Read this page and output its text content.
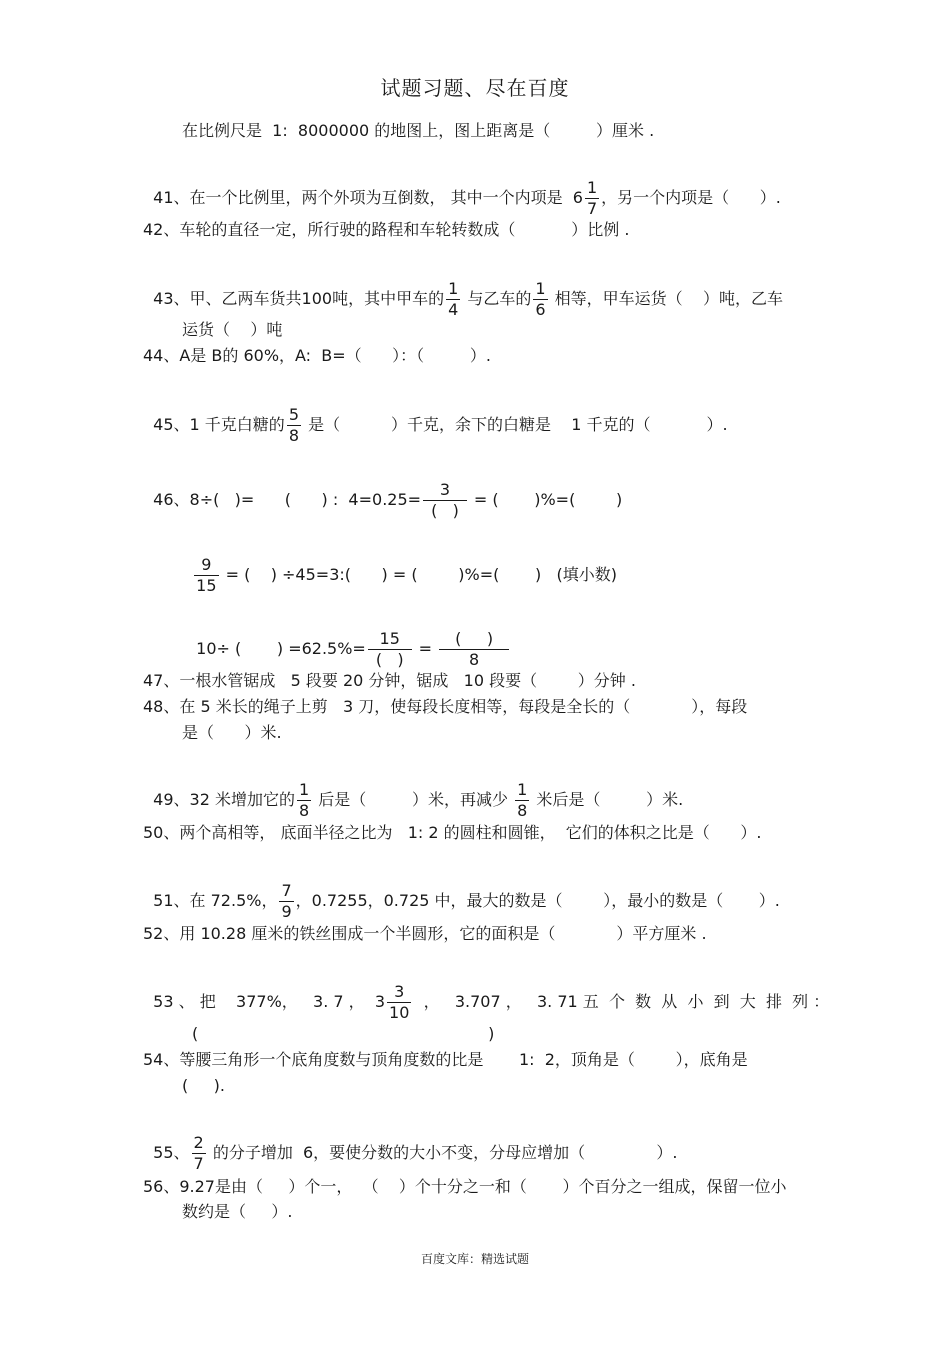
试题习题、尽在百度
在比例尺是  1:  8000000 的地图上，图上距离是（         ）厘米 .

41、在一个比例里，两个外项为互倒数， 其中一个内项是  $6 \frac{1}{7}$ ，另一个内项是（      ）.

42、车轮的直径一定，所行驶的路程和车轮转数成（           ）比例 .

43、甲、乙两车货共100吨，其中甲车的 $\frac{1}{4}$ 与乙车的 $\frac{1}{6}$ 相等，甲车运货（    ）吨，乙车

运货（    ）吨
44、A是 B的 60%，A:  B=（      ）：（         ）.

45、1 千克白糖的 $\frac{5}{8}$ 是（          ）千克，余下的白糖是    1 千克的（           ）.

46、8÷(   )=      (      ) :  $4=0.25= \frac{3}{( )}$ = (       )%=(        )

$\frac{9}{15}$ = (    ) ÷45=3:(      ) = (        )%=(       )   (填小数)

10÷ (       ) $=62.5\%= \frac{15}{( )} = \frac{( )}{8}$

47、一根水管锯成   5 段要 20 分钟，锯成   10 段要（        ）分钟 .
48、在 5 米长的绳子上剪   3 刀，使每段长度相等，每段是全长的（            ），每段
是（      ）米.

49、32 米增加它的 $\frac{1}{8}$ 后是（         ）米，再减少 $\frac{1}{8}$ 米后是（         ）米.

50、两个高相等， 底面半径之比为   1: 2 的圆柱和圆锥，  它们的体积之比是（      ）.

51、在 72.5%， $\frac{7}{9}$ ，0.7255，0.725 中，最大的数是（        ），最小的数是（       ）.

52、用 10.28 厘米的铁丝围成一个半圆形，它的面积是（            ）平方厘米 .

53 、 把    377%，   3. 7 ，  $3 \frac{3}{10}$ ，   3.707 ，   3. 71 五  个  数  从  小  到  大  排  列 ：

(                                                         )
54、等腰三角形一个底角度数与顶角度数的比是       1:  2，顶角是（        ），底角是
(     ).

55、 $\frac{2}{7}$ 的分子增加  6，要使分数的大小不变，分母应增加（              ）.

56、9.27是由（     ）个一，  （    ）个十分之一和（       ）个百分之一组成，保留一位小
数约是（     ）.
百度文库：精选试题
